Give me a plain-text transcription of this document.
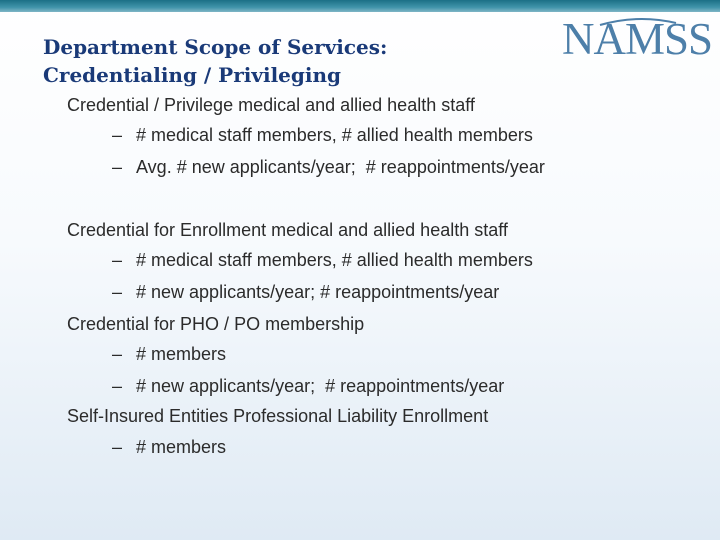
Department Scope of Services:
Credentialing / Privileging
NAMSS
Credential / Privilege medical and allied health staff
– # medical staff members, # allied health members
– Avg. # new applicants/year;  # reappointments/year
Credential for Enrollment medical and allied health staff
– # medical staff members, # allied health members
– # new applicants/year; # reappointments/year
Credential for PHO / PO membership
– # members
– # new applicants/year;  # reappointments/year
Self-Insured Entities Professional Liability Enrollment
– # members
